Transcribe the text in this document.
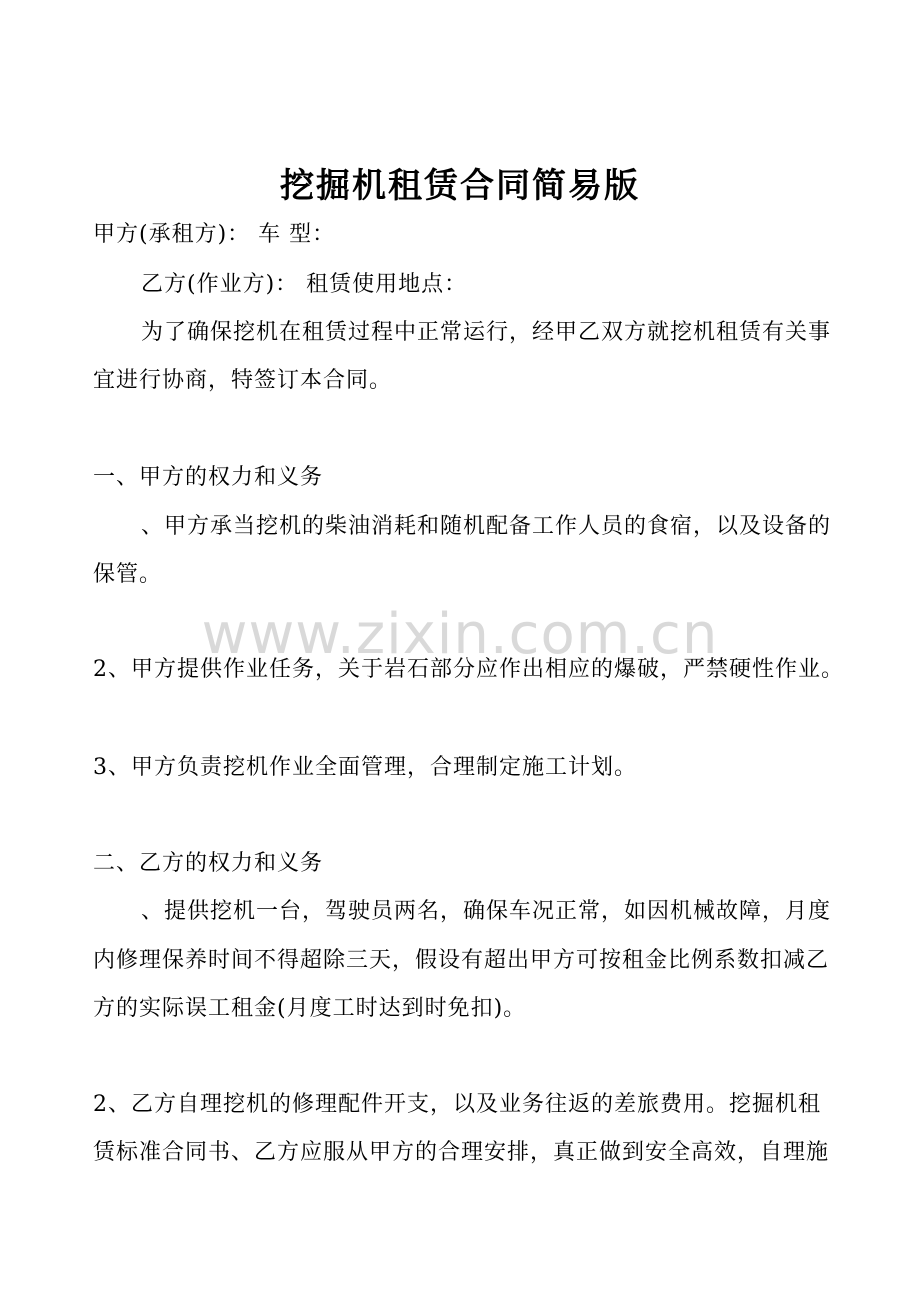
挖掘机租赁合同简易版
甲方(承租方)： 车 型：
乙方(作业方)： 租赁使用地点：
为了确保挖机在租赁过程中正常运行，经甲乙双方就挖机租赁有关事
宜进行协商，特签订本合同。
一、甲方的权力和义务
、甲方承当挖机的柴油消耗和随机配备工作人员的食宿，以及设备的
保管。
www.zixin.com.cn
2、甲方提供作业任务，关于岩石部分应作出相应的爆破，严禁硬性作业。
3、甲方负责挖机作业全面管理，合理制定施工计划。
二、乙方的权力和义务
、提供挖机一台，驾驶员两名，确保车况正常，如因机械故障，月度
内修理保养时间不得超除三天，假设有超出甲方可按租金比例系数扣减乙
方的实际误工租金(月度工时达到时免扣)。
2、乙方自理挖机的修理配件开支，以及业务往返的差旅费用。挖掘机租
赁标准合同书、乙方应服从甲方的合理安排，真正做到安全高效，自理施
